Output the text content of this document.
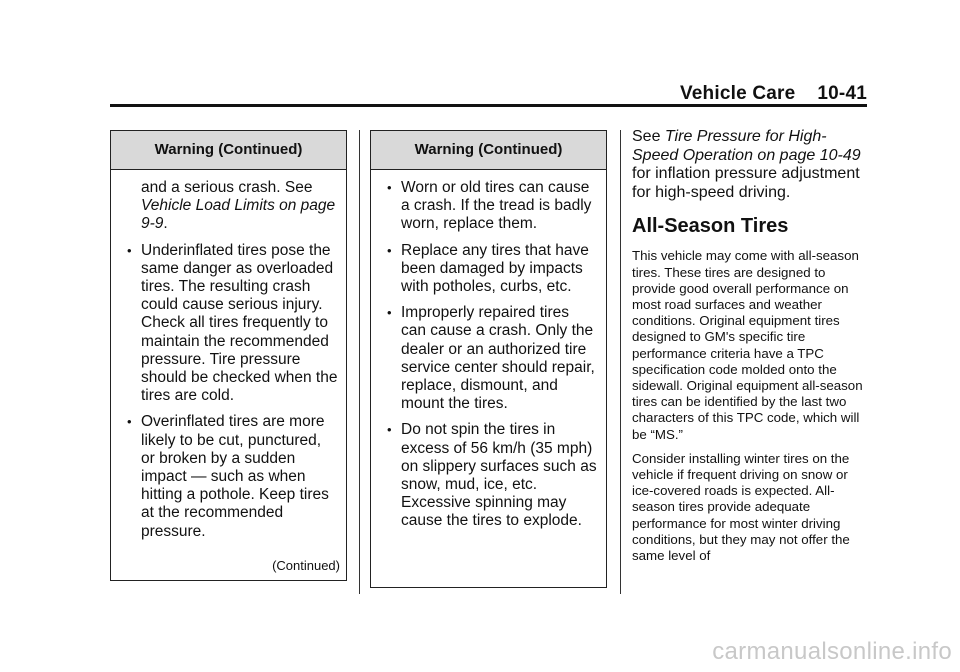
Vehicle Care 10-41
Warning (Continued)
and a serious crash. See Vehicle Load Limits on page 9-9.
• Underinflated tires pose the same danger as overloaded tires. The resulting crash could cause serious injury. Check all tires frequently to maintain the recommended pressure. Tire pressure should be checked when the tires are cold.
• Overinflated tires are more likely to be cut, punctured, or broken by a sudden impact — such as when hitting a pothole. Keep tires at the recommended pressure.
(Continued)
Warning (Continued)
• Worn or old tires can cause a crash. If the tread is badly worn, replace them.
• Replace any tires that have been damaged by impacts with potholes, curbs, etc.
• Improperly repaired tires can cause a crash. Only the dealer or an authorized tire service center should repair, replace, dismount, and mount the tires.
• Do not spin the tires in excess of 56 km/h (35 mph) on slippery surfaces such as snow, mud, ice, etc. Excessive spinning may cause the tires to explode.

See Tire Pressure for High-Speed Operation on page 10-49 for inflation pressure adjustment for high-speed driving.

All-Season Tires

This vehicle may come with all-season tires. These tires are designed to provide good overall performance on most road surfaces and weather conditions. Original equipment tires designed to GM's specific tire performance criteria have a TPC specification code molded onto the sidewall. Original equipment all-season tires can be identified by the last two characters of this TPC code, which will be “MS.”

Consider installing winter tires on the vehicle if frequent driving on snow or ice-covered roads is expected. All-season tires provide adequate performance for most winter driving conditions, but they may not offer the same level of

carmanualsonline.info
